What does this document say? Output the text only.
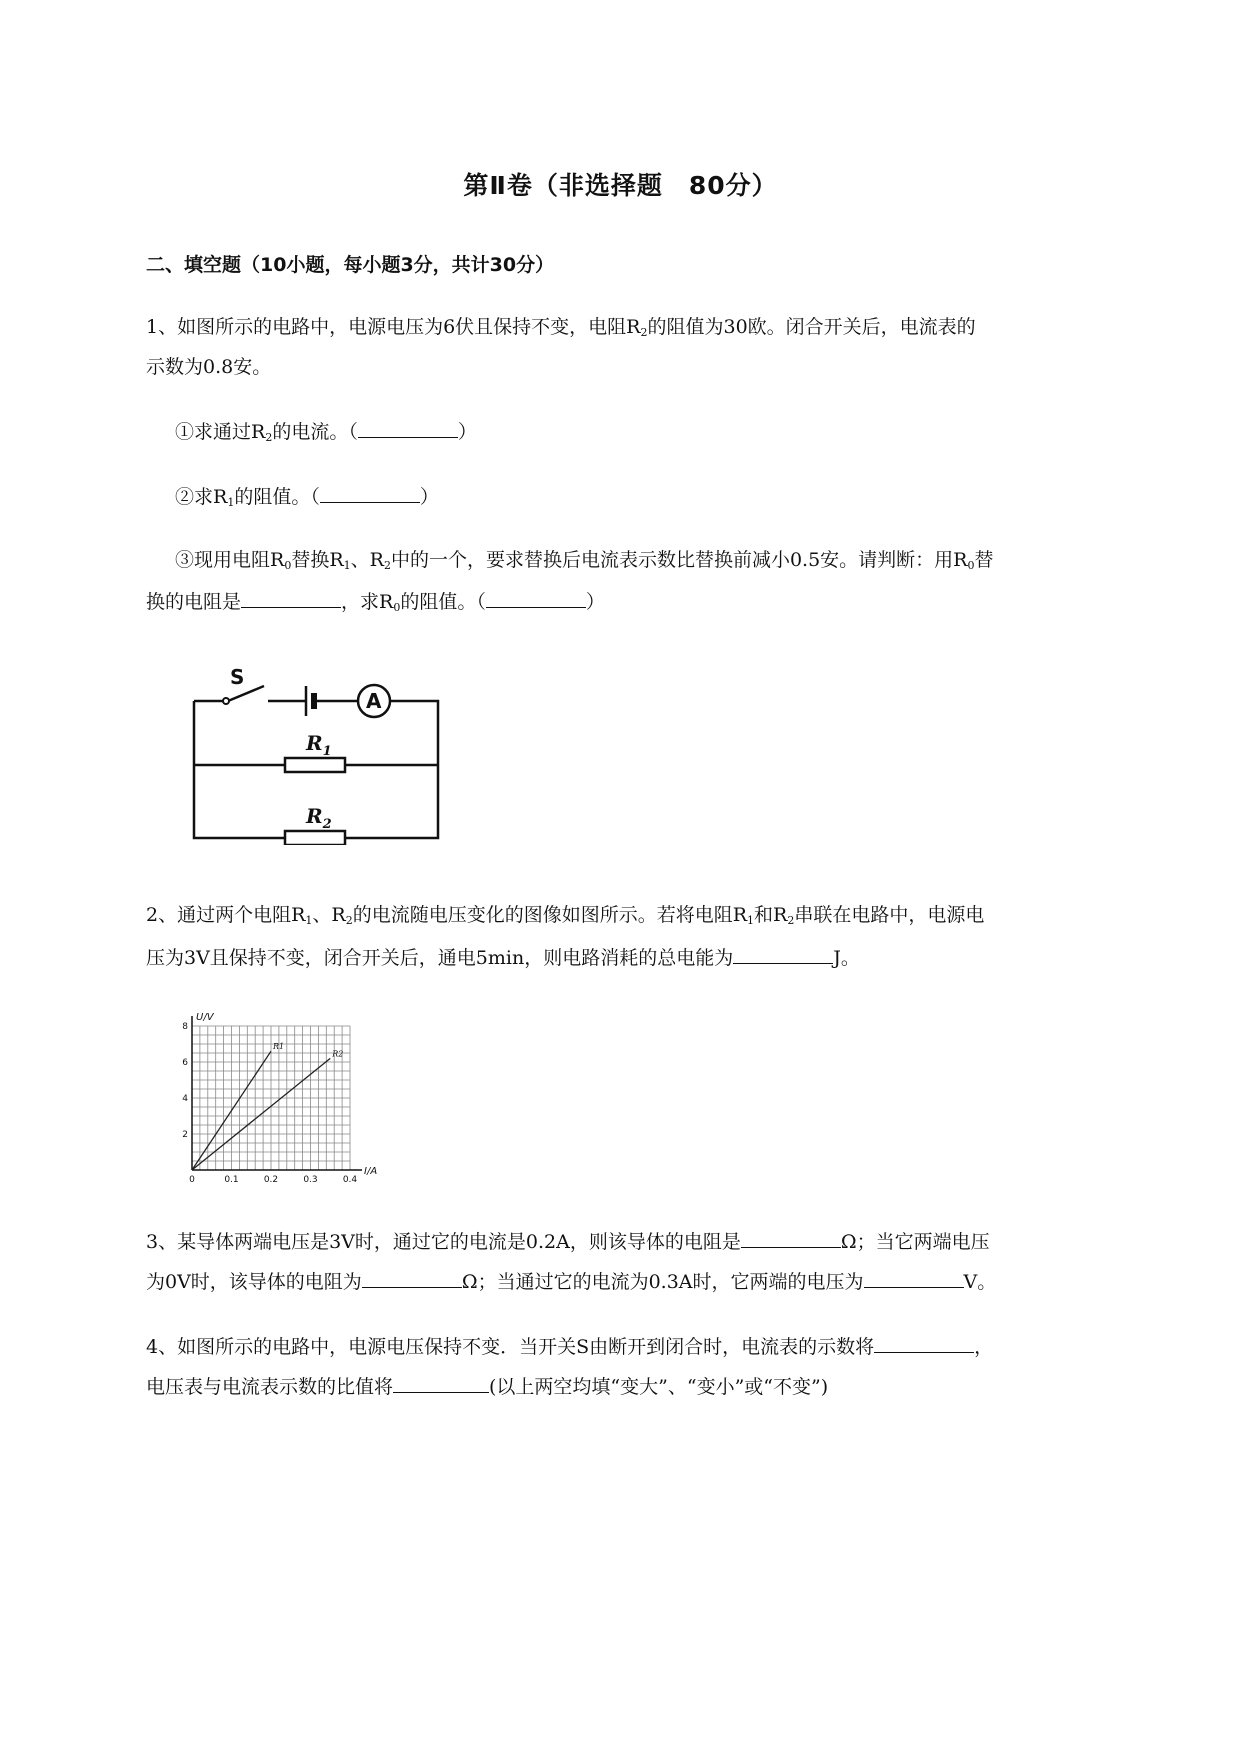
第Ⅱ卷（非选择题　80分）
二、填空题（10小题，每小题3分，共计30分）
1、如图所示的电路中，电源电压为6伏且保持不变，电阻$R_2$的阻值为30欧。闭合开关后，电流表的
示数为0.8安。
①求通过$R_2$的电流。（	）
②求$R_1$的阻值。（	）
③现用电阻$R_0$替换$R_1$、$R_2$中的一个，要求替换后电流表示数比替换前减小0.5安。请判断：用$R_0$替
换的电阻是	，求$R_0$的阻值。（	）
S
A
$R_1$
$R_2$
2、通过两个电阻$R_1$、$R_2$的电流随电压变化的图像如图所示。若将电阻$R_1$和$R_2$串联在电路中，电源电
压为3V且保持不变，闭合开关后，通电5min，则电路消耗的总电能为	J。
U/V
I/A
0	0.1	0.2	0.3	0.4
2
4
6
8
R1
R2
3、某导体两端电压是3V时，通过它的电流是0.2A，则该导体的电阻是	Ω；当它两端电压
为0V时，该导体的电阻为	Ω；当通过它的电流为0.3A时，它两端的电压为	V。
4、如图所示的电路中，电源电压保持不变．当开关S由断开到闭合时，电流表的示数将	，
电压表与电流表示数的比值将	(以上两空均填“变大”、“变小”或“不变”)
